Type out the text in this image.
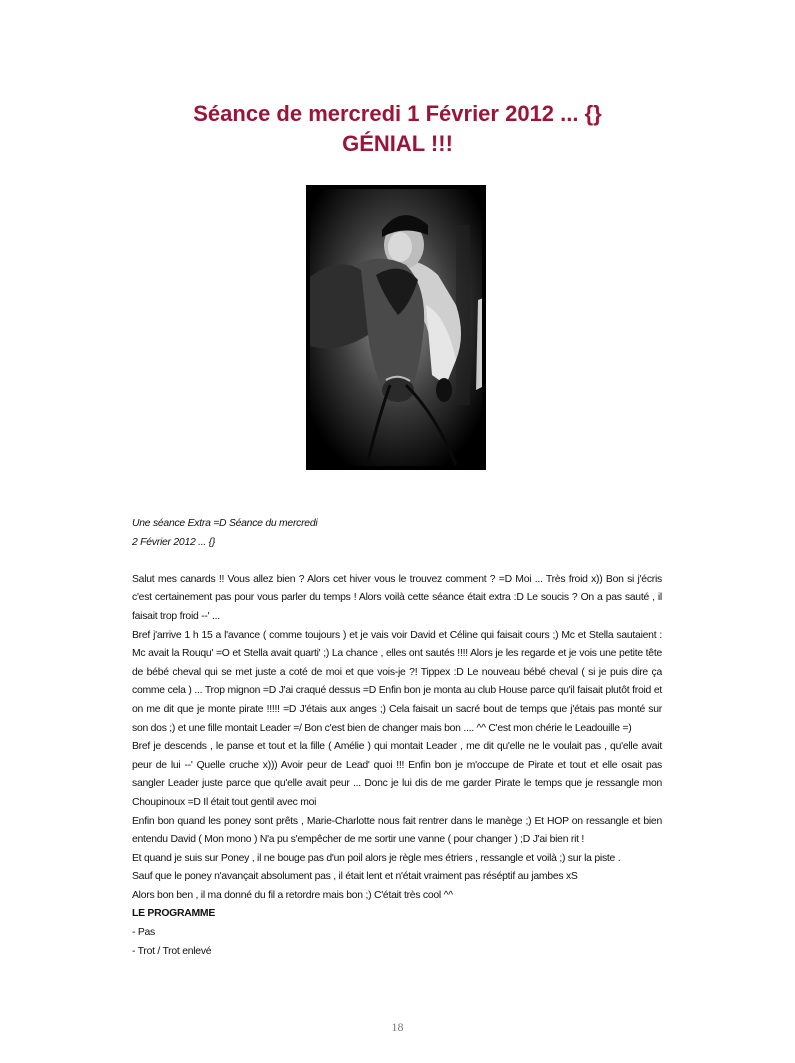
Séance de mercredi 1 Février 2012 ... {}
GÉNIAL !!!

Une séance Extra =D Séance du mercredi

2 Février 2012 ... {}

Salut mes canards !! Vous allez bien ? Alors cet hiver vous le trouvez comment ? =D Moi ... Très froid x)) Bon si j'écris c'est certainement pas pour vous parler du temps ! Alors voilà cette séance était extra :D Le soucis ? On a pas sauté , il faisait trop froid --' ...

Bref j'arrive 1 h 15 a l'avance ( comme toujours ) et je vais voir David et Céline qui faisait cours ;) Mc et Stella sautaient : Mc avait la Rouqu' =O et Stella avait quarti' ;) La chance , elles ont sautés !!!! Alors je les regarde et je vois une petite tête de bébé cheval qui se met juste a coté de moi et que vois-je ?! Tippex :D Le nouveau bébé cheval ( si je puis dire ça comme cela ) ... Trop mignon =D J'ai craqué dessus =D Enfin bon je monta au club House parce qu'il faisait plutôt froid et on me dit que je monte pirate !!!!! =D J'étais aux anges ;) Cela faisait un sacré bout de temps que j'étais pas monté sur son dos ;) et une fille montait Leader =/ Bon c'est bien de changer mais bon .... ^^ C'est mon chérie le Leadouille =)

Bref je descends , le panse et tout et la fille ( Amélie ) qui montait Leader , me dit qu'elle ne le voulait pas , qu'elle avait peur de lui --' Quelle cruche x))) Avoir peur de Lead' quoi !!! Enfin bon je m'occupe de Pirate et tout et elle osait pas sangler Leader juste parce que qu'elle avait peur ... Donc je lui dis de me garder Pirate le temps que je ressangle mon Choupinoux =D Il était tout gentil avec moi

Enfin bon quand les poney sont prêts , Marie-Charlotte nous fait rentrer dans le manège ;) Et HOP on ressangle et bien entendu David ( Mon mono ) N'a pu s'empêcher de me sortir une vanne ( pour changer ) ;D J'ai bien rit !

Et quand je suis sur Poney , il ne bouge pas d'un poil alors je règle mes étriers , ressangle et voilà ;) sur la piste .

Sauf que le poney n'avançait absolument pas , il était lent et n'était vraiment pas réséptif au jambes xS

Alors bon ben , il ma donné du fil a retordre mais bon ;) C'était très cool ^^

LE PROGRAMME

- Pas

- Trot / Trot enlevé

18
